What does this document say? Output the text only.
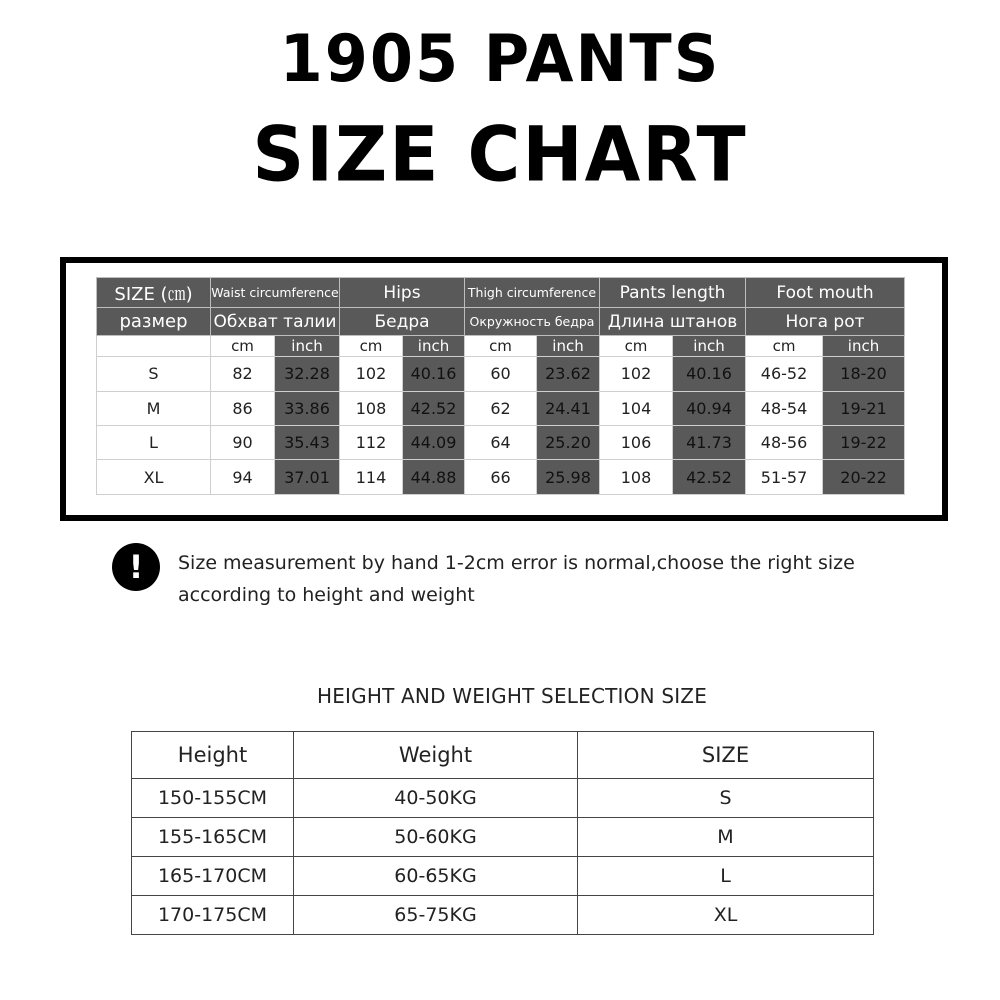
1905 PANTS
SIZE CHART
SIZE (㎝)	Waist circumference		Hips		Thigh circumference		Pants length		Foot mouth	
размер	Обхват талии		Бедра		Окружность бедра		Длина штанов		Нога рот	
	cm	inch	cm	inch	cm	inch	cm	inch	cm	inch
S	82	32.28	102	40.16	60	23.62	102	40.16	46-52	18-20
M	86	33.86	108	42.52	62	24.41	104	40.94	48-54	19-21
L	90	35.43	112	44.09	64	25.20	106	41.73	48-56	19-22
XL	94	37.01	114	44.88	66	25.98	108	42.52	51-57	20-22
!	Size measurement by hand 1-2cm error is normal,choose the right size according to height and weight
HEIGHT AND WEIGHT SELECTION SIZE
Height	Weight	SIZE
150-155CM	40-50KG	S
155-165CM	50-60KG	M
165-170CM	60-65KG	L
170-175CM	65-75KG	XL
